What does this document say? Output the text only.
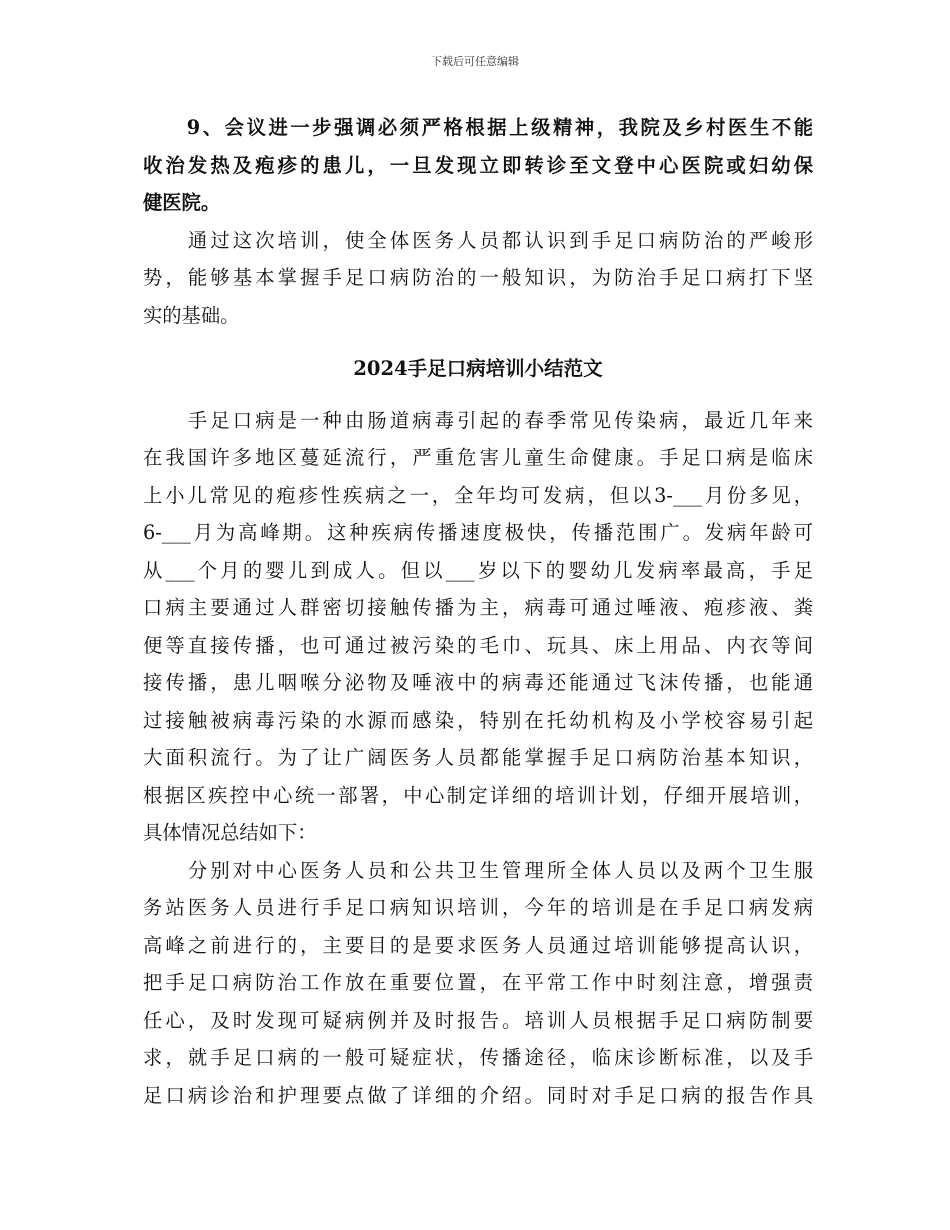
下载后可任意编辑
　　9、会议进一步强调必须严格根据上级精神，我院及乡村医生不能
收治发热及疱疹的患儿，一旦发现立即转诊至文登中心医院或妇幼保
健医院。
　　通过这次培训，使全体医务人员都认识到手足口病防治的严峻形
势，能够基本掌握手足口病防治的一般知识，为防治手足口病打下坚
实的基础。
2024手足口病培训小结范文
　　手足口病是一种由肠道病毒引起的春季常见传染病，最近几年来
在我国许多地区蔓延流行，严重危害儿童生命健康。手足口病是临床
上小儿常见的疱疹性疾病之一，全年均可发病，但以3-___月份多见，
6-___月为高峰期。这种疾病传播速度极快，传播范围广。发病年龄可
从___个月的婴儿到成人。但以___岁以下的婴幼儿发病率最高，手足
口病主要通过人群密切接触传播为主，病毒可通过唾液、疱疹液、粪
便等直接传播，也可通过被污染的毛巾、玩具、床上用品、内衣等间
接传播，患儿咽喉分泌物及唾液中的病毒还能通过飞沫传播，也能通
过接触被病毒污染的水源而感染，特别在托幼机构及小学校容易引起
大面积流行。为了让广阔医务人员都能掌握手足口病防治基本知识，
根据区疾控中心统一部署，中心制定详细的培训计划，仔细开展培训，
具体情况总结如下：
　　分别对中心医务人员和公共卫生管理所全体人员以及两个卫生服
务站医务人员进行手足口病知识培训，今年的培训是在手足口病发病
高峰之前进行的，主要目的是要求医务人员通过培训能够提高认识，
把手足口病防治工作放在重要位置，在平常工作中时刻注意，增强责
任心，及时发现可疑病例并及时报告。培训人员根据手足口病防制要
求，就手足口病的一般可疑症状，传播途径，临床诊断标准，以及手
足口病诊治和护理要点做了详细的介绍。同时对手足口病的报告作具
